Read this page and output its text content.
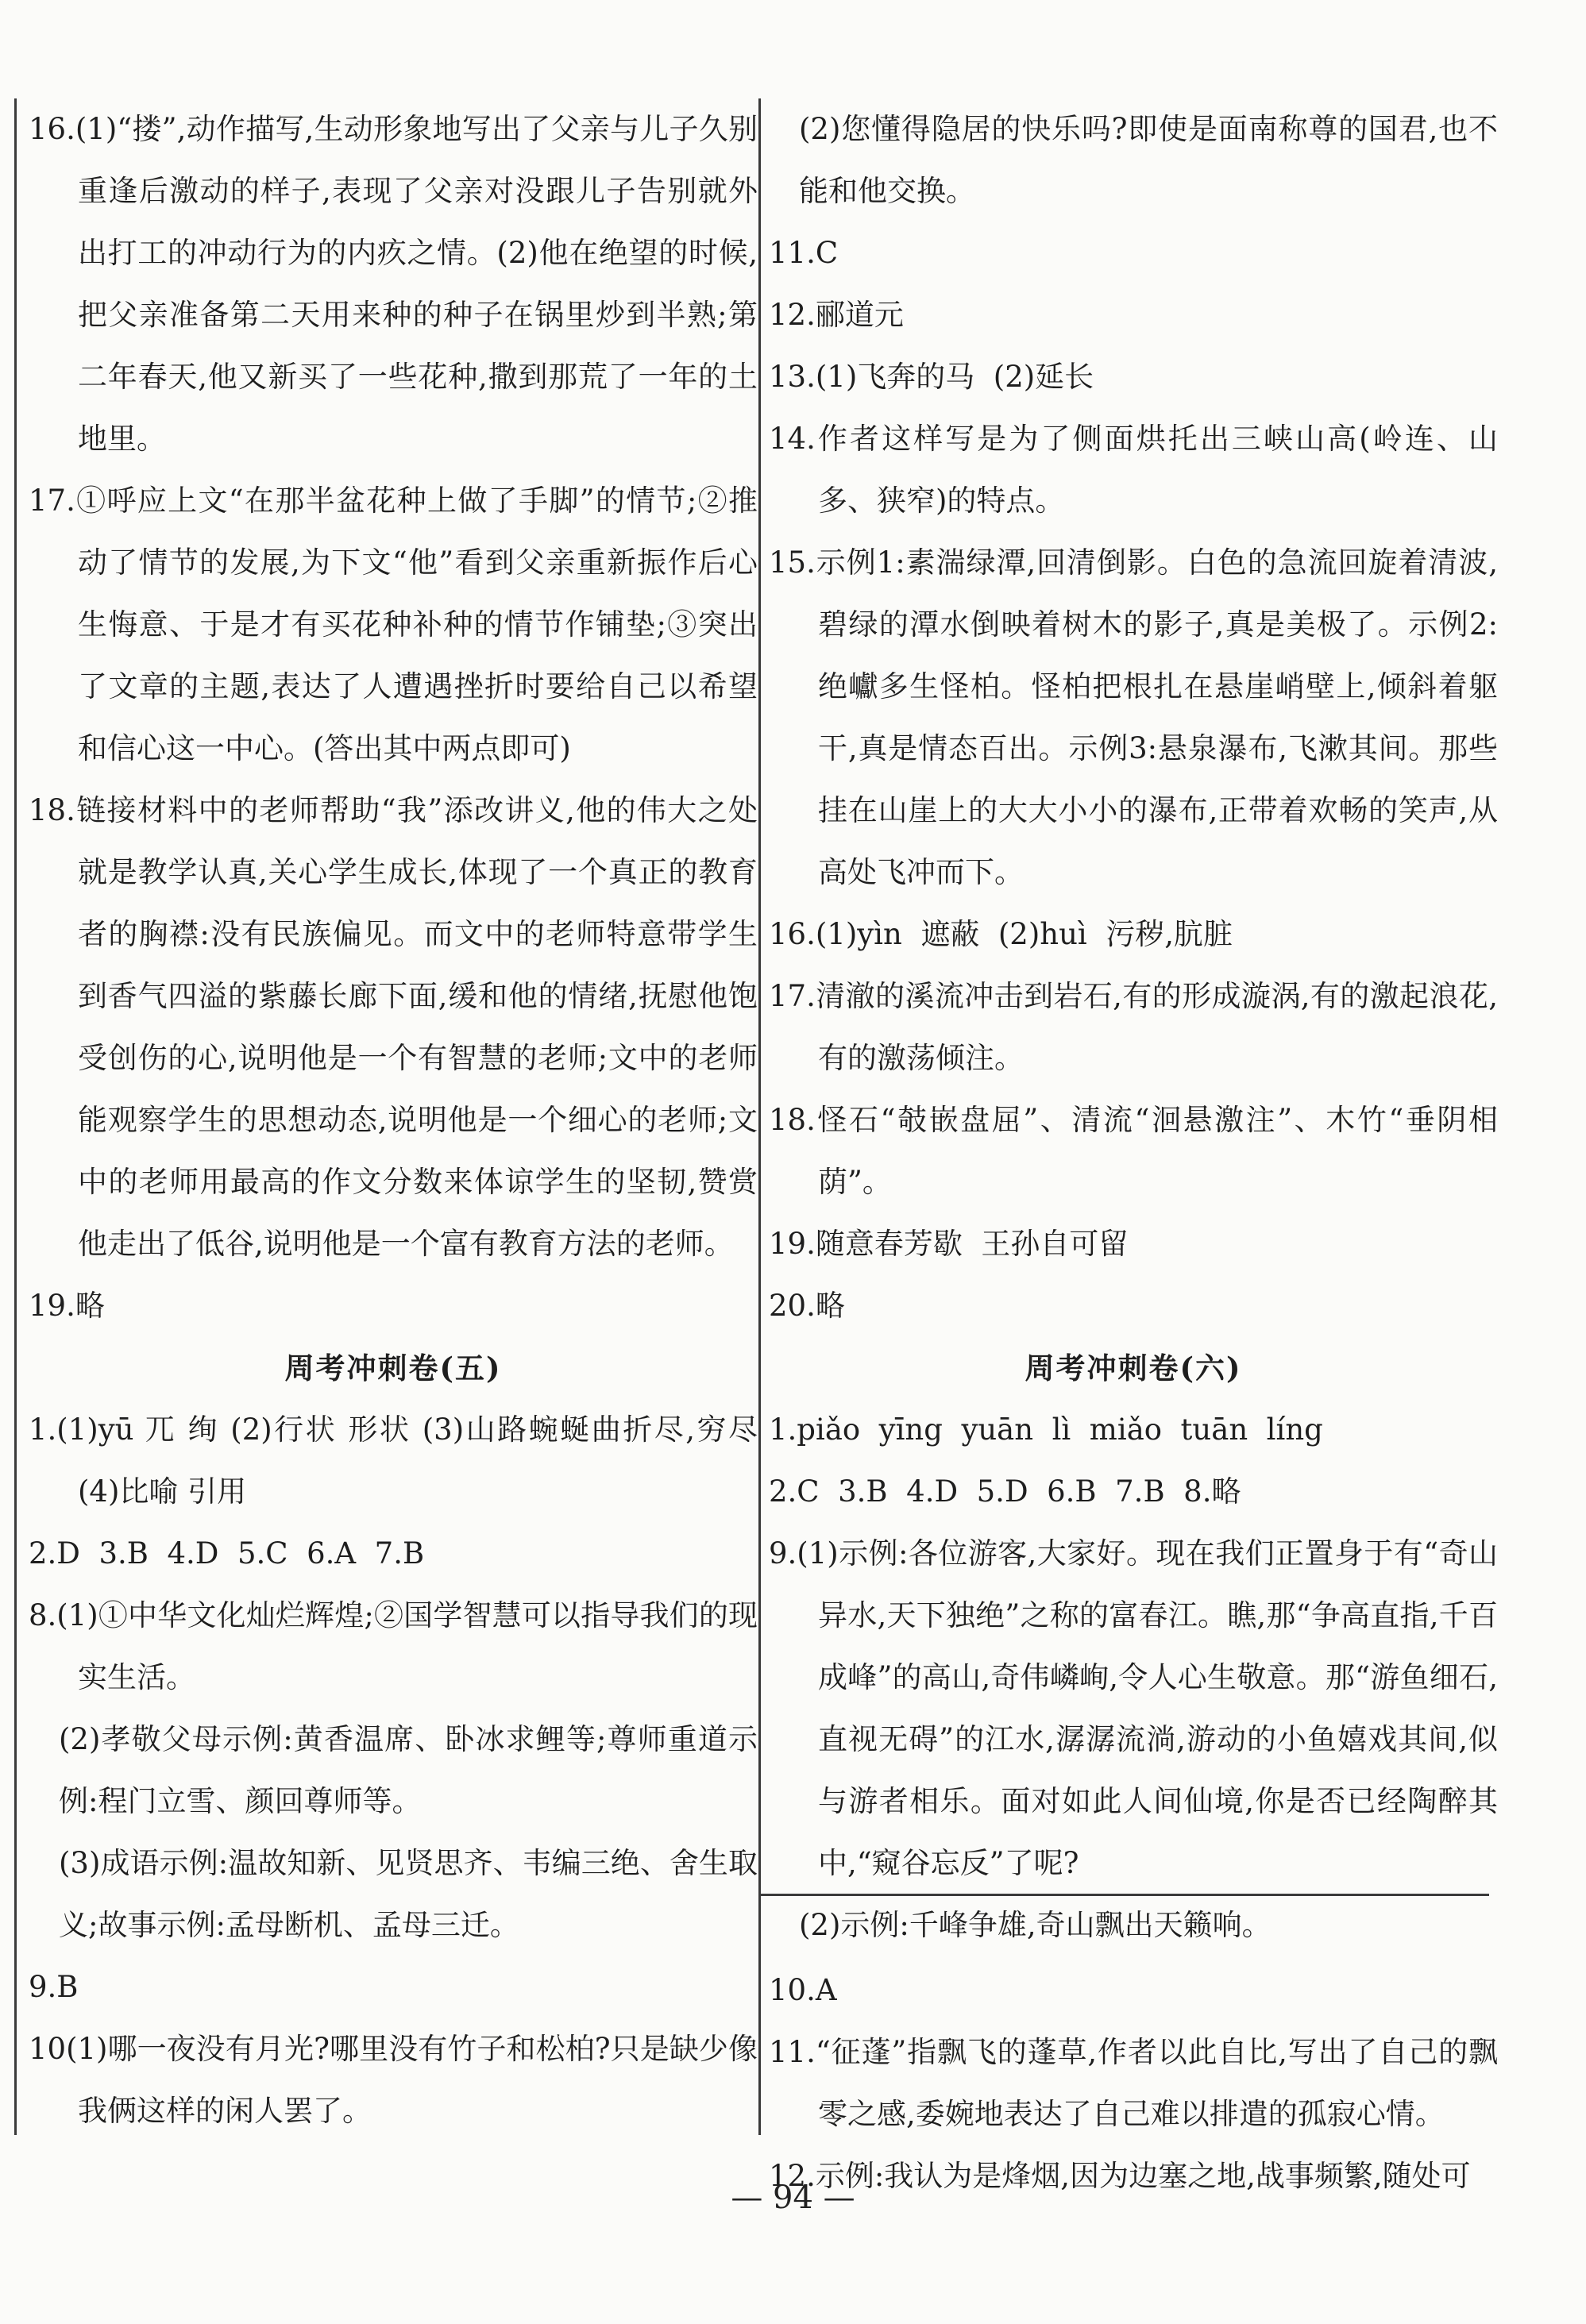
16.(1)“搂”,动作描写,生动形象地写出了父亲与儿子久别重逢后激动的样子,表现了父亲对没跟儿子告别就外出打工的冲动行为的内疚之情。(2)他在绝望的时候,把父亲准备第二天用来种的种子在锅里炒到半熟;第二年春天,他又新买了一些花种,撒到那荒了一年的土地里。

17.①呼应上文“在那半盆花种上做了手脚”的情节;②推动了情节的发展,为下文“他”看到父亲重新振作后心生悔意、于是才有买花种补种的情节作铺垫;③突出了文章的主题,表达了人遭遇挫折时要给自己以希望和信心这一中心。(答出其中两点即可)

18.链接材料中的老师帮助“我”添改讲义,他的伟大之处就是教学认真,关心学生成长,体现了一个真正的教育者的胸襟:没有民族偏见。而文中的老师特意带学生到香气四溢的紫藤长廊下面,缓和他的情绪,抚慰他饱受创伤的心,说明他是一个有智慧的老师;文中的老师能观察学生的思想动态,说明他是一个细心的老师;文中的老师用最高的作文分数来体谅学生的坚韧,赞赏他走出了低谷,说明他是一个富有教育方法的老师。

19.略

周考冲刺卷(五)

1.(1)yū 兀 绚 (2)行状 形状 (3)山路蜿蜒曲折尽,穷尽 (4)比喻 引用

2.D  3.B  4.D  5.C  6.A  7.B

8.(1)①中华文化灿烂辉煌;②国学智慧可以指导我们的现实生活。

(2)孝敬父母示例:黄香温席、卧冰求鲤等;尊师重道示例:程门立雪、颜回尊师等。

(3)成语示例:温故知新、见贤思齐、韦编三绝、舍生取义;故事示例:孟母断机、孟母三迁。

9.B

10(1)哪一夜没有月光?哪里没有竹子和松柏?只是缺少像我俩这样的闲人罢了。

(2)您懂得隐居的快乐吗?即使是面南称尊的国君,也不能和他交换。

11.C

12.郦道元

13.(1)飞奔的马  (2)延长

14.作者这样写是为了侧面烘托出三峡山高(岭连、山多、狭窄)的特点。

15.示例1:素湍绿潭,回清倒影。白色的急流回旋着清波,碧绿的潭水倒映着树木的影子,真是美极了。示例2:绝巘多生怪柏。怪柏把根扎在悬崖峭壁上,倾斜着躯干,真是情态百出。示例3:悬泉瀑布,飞漱其间。那些挂在山崖上的大大小小的瀑布,正带着欢畅的笑声,从高处飞冲而下。

16.(1)yìn  遮蔽  (2)huì  污秽,肮脏

17.清澈的溪流冲击到岩石,有的形成漩涡,有的激起浪花,有的激荡倾注。

18.怪石“攲嵌盘屈”、清流“洄悬激注”、木竹“垂阴相荫”。

19.随意春芳歇  王孙自可留

20.略

周考冲刺卷(六)

1.piǎo  yīng  yuān  lì  miǎo  tuān  líng

2.C  3.B  4.D  5.D  6.B  7.B  8.略

9.(1)示例:各位游客,大家好。现在我们正置身于有“奇山异水,天下独绝”之称的富春江。瞧,那“争高直指,千百成峰”的高山,奇伟嶙峋,令人心生敬意。那“游鱼细石,直视无碍”的江水,潺潺流淌,游动的小鱼嬉戏其间,似与游者相乐。面对如此人间仙境,你是否已经陶醉其中,“窥谷忘反”了呢?

(2)示例:千峰争雄,奇山飘出天籁响。

10.A

11.“征蓬”指飘飞的蓬草,作者以此自比,写出了自己的飘零之感,委婉地表达了自己难以排遣的孤寂心情。

12.示例:我认为是烽烟,因为边塞之地,战事频繁,随处可

— 94 —
